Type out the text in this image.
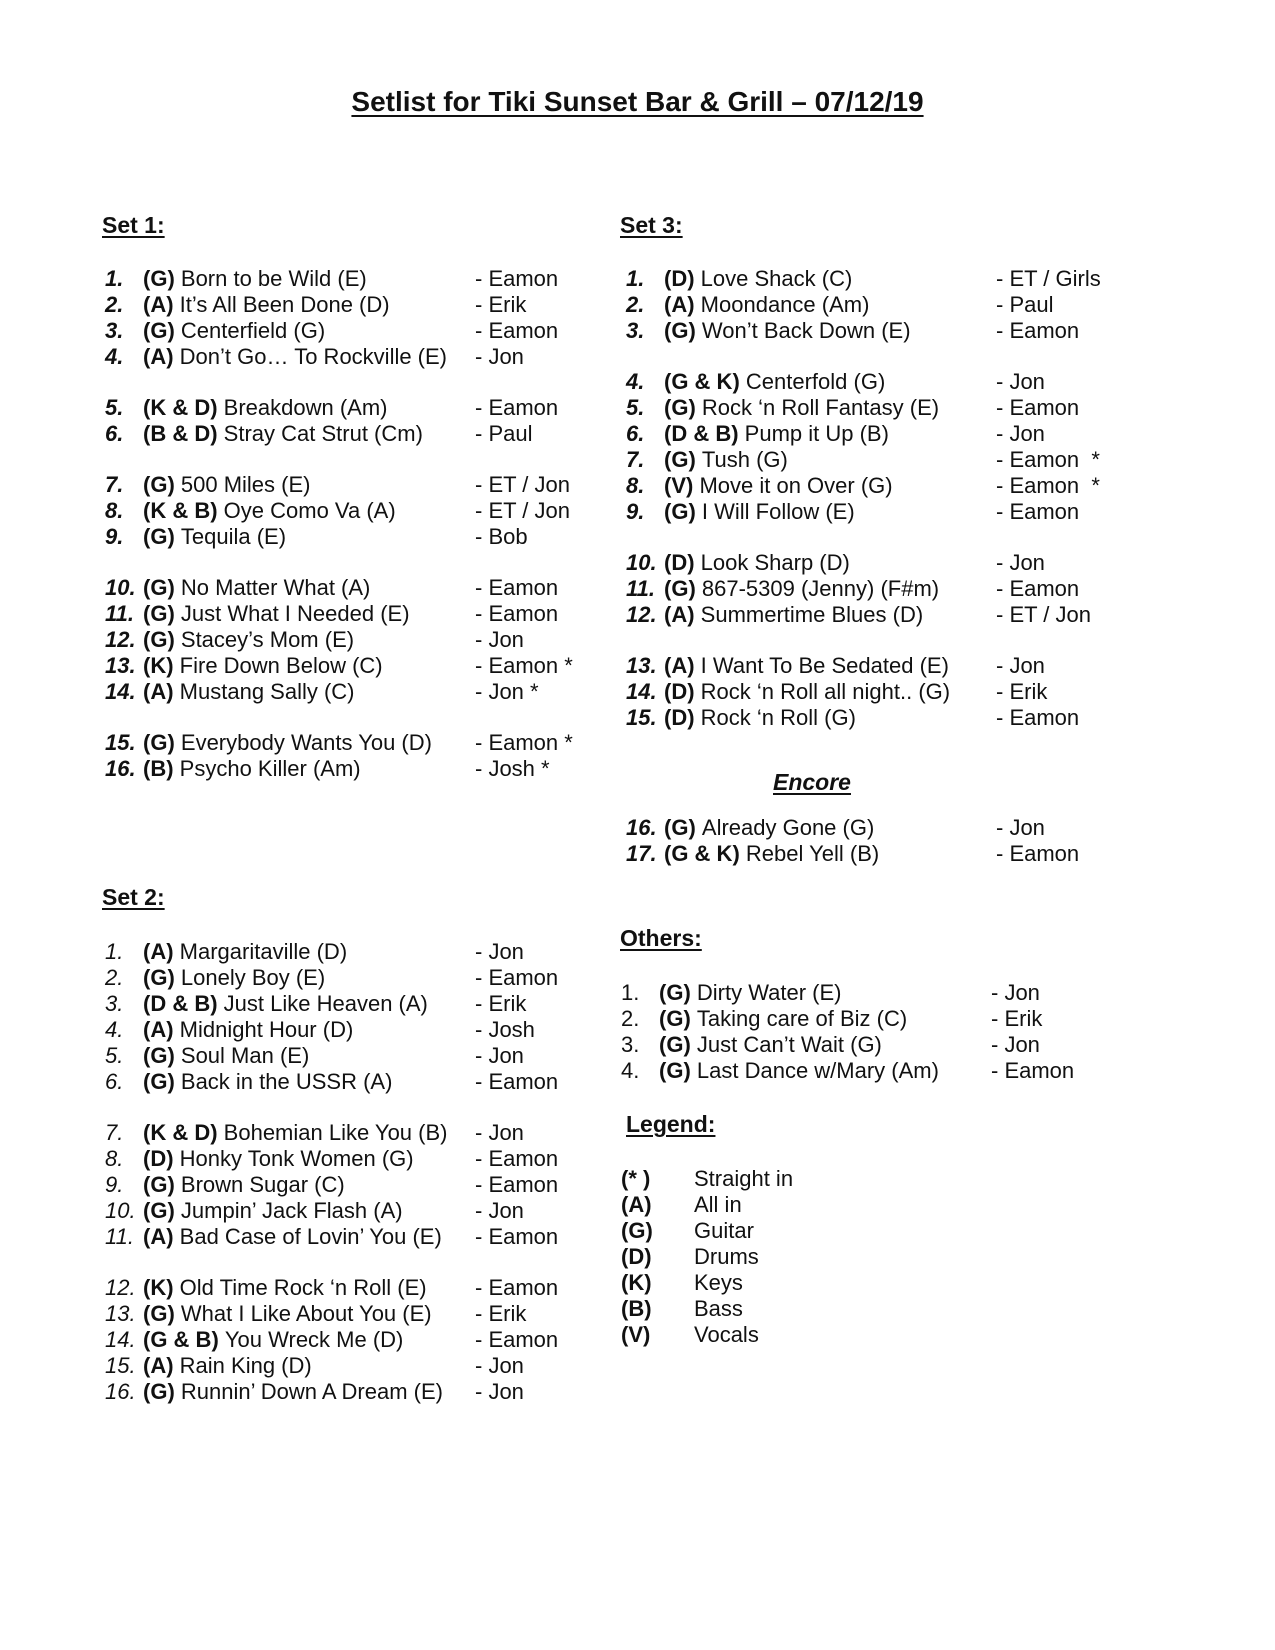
Setlist for Tiki Sunset Bar & Grill – 07/12/19
Set 1:
1. (G) Born to be Wild (E)	- Eamon
2. (A) It’s All Been Done (D)	- Erik
3. (G) Centerfield (G)	- Eamon
4. (A) Don’t Go… To Rockville (E) - Jon
5. (K & D) Breakdown (Am)	- Eamon
6. (B & D) Stray Cat Strut (Cm) - Paul
7. (G) 500 Miles (E)	- ET / Jon
8. (K & B) Oye Como Va (A)	- ET / Jon
9. (G) Tequila (E)	- Bob
10. (G) No Matter What (A)	- Eamon
11. (G) Just What I Needed (E)	- Eamon
12. (G) Stacey’s Mom (E)	- Jon
13. (K) Fire Down Below (C)	- Eamon *
14. (A) Mustang Sally (C)	- Jon *
15. (G) Everybody Wants You (D) - Eamon *
16. (B) Psycho Killer (Am)	- Josh *
Set 2:
1. (A) Margaritaville (D)	- Jon
2. (G) Lonely Boy (E)	- Eamon
3. (D & B) Just Like Heaven (A) - Erik
4. (A) Midnight Hour (D)	- Josh
5. (G) Soul Man (E)	- Jon
6. (G) Back in the USSR (A)	- Eamon
7. (K & D) Bohemian Like You (B) - Jon
8. (D) Honky Tonk Women (G)	- Eamon
9. (G) Brown Sugar (C)	- Eamon
10. (G) Jumpin’ Jack Flash (A)	- Jon
11. (A) Bad Case of Lovin’ You (E) - Eamon
12. (K) Old Time Rock ‘n Roll (E) - Eamon
13. (G) What I Like About You (E) - Erik
14. (G & B) You Wreck Me (D)	- Eamon
15. (A) Rain King (D)	- Jon
16. (G) Runnin’ Down A Dream (E) - Jon
Set 3:
1. (D) Love Shack (C)	- ET / Girls
2. (A) Moondance (Am)	- Paul
3. (G) Won’t Back Down (E)	- Eamon
4. (G & K) Centerfold (G)	- Jon
5. (G) Rock ‘n Roll Fantasy (E)	- Eamon
6. (D & B) Pump it Up (B)	- Jon
7. (G) Tush (G)	- Eamon  *
8. (V) Move it on Over (G)	- Eamon  *
9. (G) I Will Follow (E)	- Eamon
10. (D) Look Sharp (D)	- Jon
11. (G) 867-5309 (Jenny) (F#m)	- Eamon
12. (A) Summertime Blues (D)	- ET / Jon
13. (A) I Want To Be Sedated (E) - Jon
14. (D) Rock ‘n Roll all night.. (G) - Erik
15. (D) Rock ‘n Roll (G)	- Eamon
Encore
16. (G) Already Gone (G)	- Jon
17. (G & K) Rebel Yell (B)	- Eamon
Others:
1. (G) Dirty Water (E)	- Jon
2. (G) Taking care of Biz (C)	- Erik
3. (G) Just Can’t Wait (G)	- Jon
4. (G) Last Dance w/Mary (Am) - Eamon
Legend:
(* ) Straight in
(A) All in
(G) Guitar
(D) Drums
(K) Keys
(B) Bass
(V) Vocals
